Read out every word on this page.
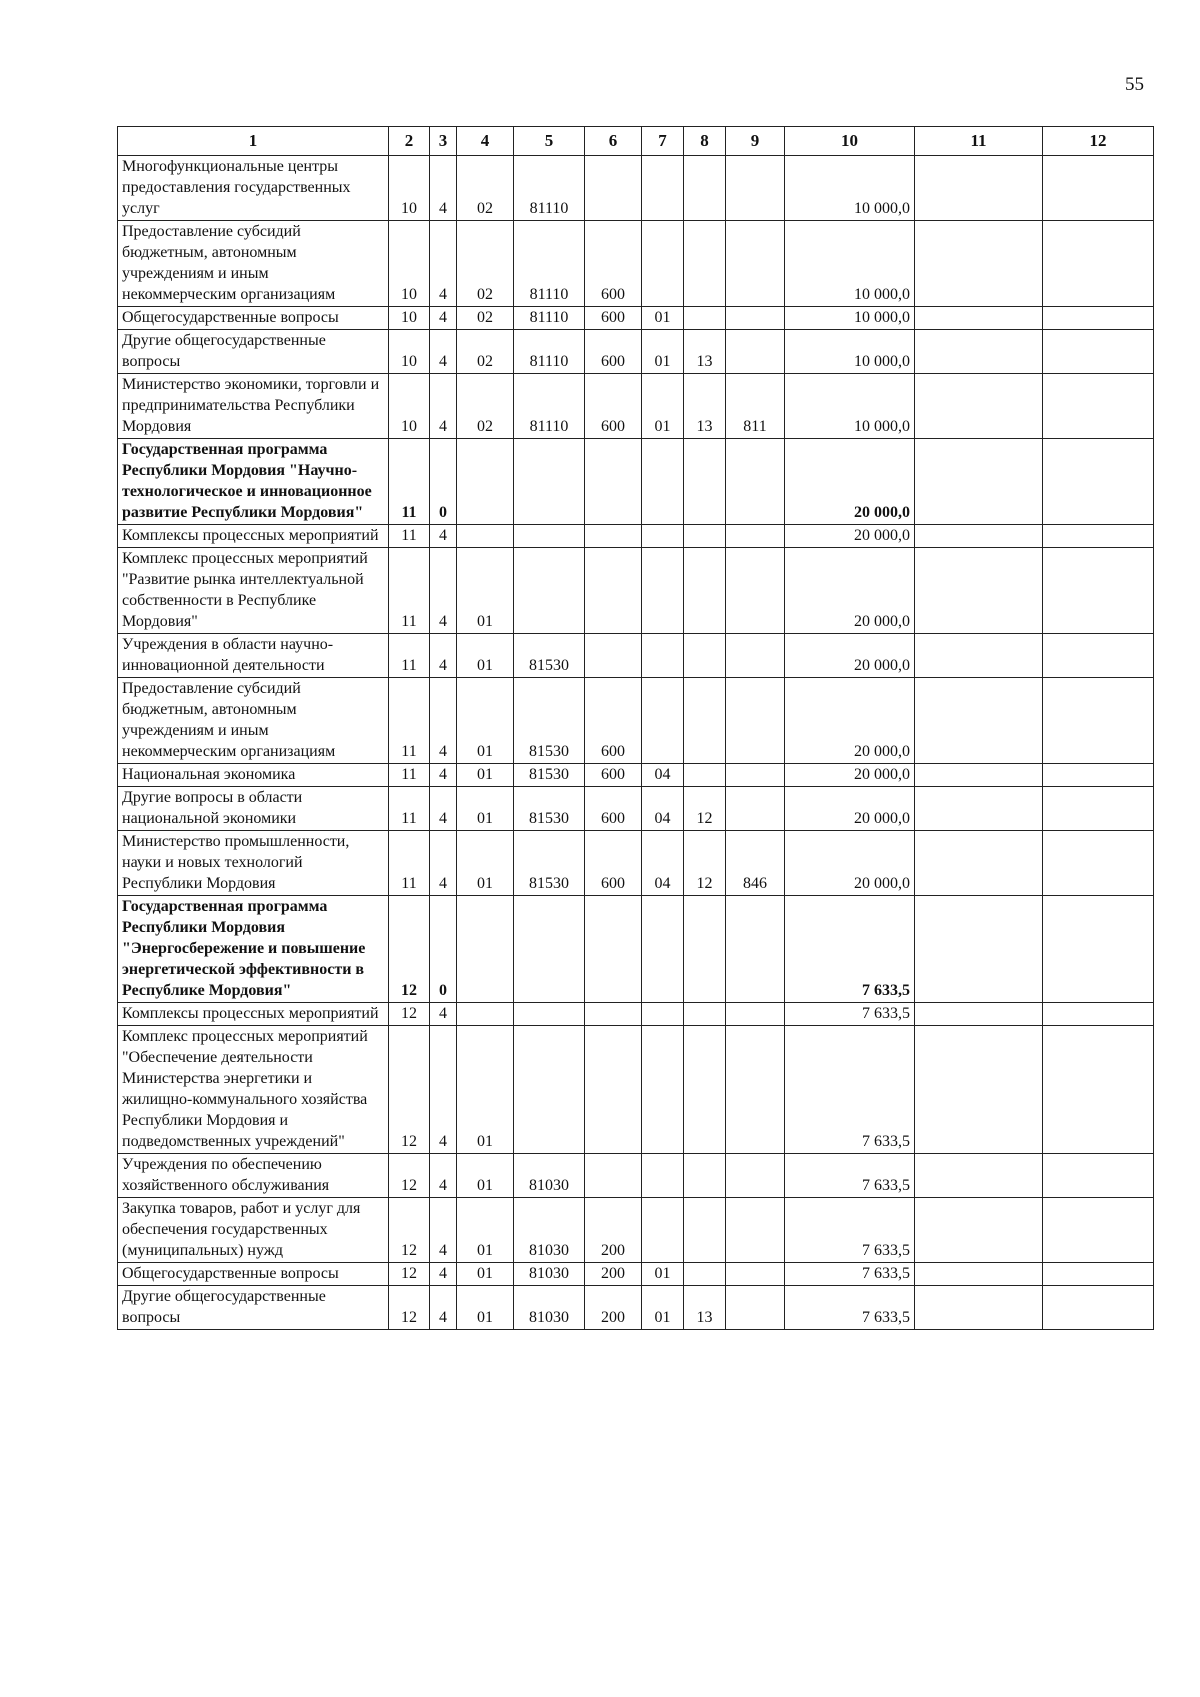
55
1	2	3	4	5	6	7	8	9	10	11	12
Многофункциональные центры предоставления государственных услуг	10	4	02	81110					10 000,0		
Предоставление субсидий бюджетным, автономным учреждениям и иным некоммерческим организациям	10	4	02	81110	600				10 000,0		
Общегосударственные вопросы	10	4	02	81110	600	01			10 000,0		
Другие общегосударственные вопросы	10	4	02	81110	600	01	13		10 000,0		
Министерство экономики, торговли и предпринимательства Республики Мордовия	10	4	02	81110	600	01	13	811	10 000,0		
Государственная программа Республики Мордовия "Научно-технологическое и инновационное развитие Республики Мордовия"	11	0							20 000,0		
Комплексы процессных мероприятий	11	4							20 000,0		
Комплекс процессных мероприятий "Развитие рынка интеллектуальной собственности в Республике Мордовия"	11	4	01						20 000,0		
Учреждения в области научно-инновационной деятельности	11	4	01	81530					20 000,0		
Предоставление субсидий бюджетным, автономным учреждениям и иным некоммерческим организациям	11	4	01	81530	600				20 000,0		
Национальная экономика	11	4	01	81530	600	04			20 000,0		
Другие вопросы в области национальной экономики	11	4	01	81530	600	04	12		20 000,0		
Министерство промышленности, науки и новых технологий Республики Мордовия	11	4	01	81530	600	04	12	846	20 000,0		
Государственная программа Республики Мордовия "Энергосбережение и повышение энергетической эффективности в Республике Мордовия"	12	0							7 633,5		
Комплексы процессных мероприятий	12	4							7 633,5		
Комплекс процессных мероприятий "Обеспечение деятельности Министерства энергетики и жилищно-коммунального хозяйства Республики Мордовия и подведомственных учреждений"	12	4	01						7 633,5		
Учреждения по обеспечению хозяйственного обслуживания	12	4	01	81030					7 633,5		
Закупка товаров, работ и услуг для обеспечения государственных (муниципальных) нужд	12	4	01	81030	200				7 633,5		
Общегосударственные вопросы	12	4	01	81030	200	01			7 633,5		
Другие общегосударственные вопросы	12	4	01	81030	200	01	13		7 633,5		
